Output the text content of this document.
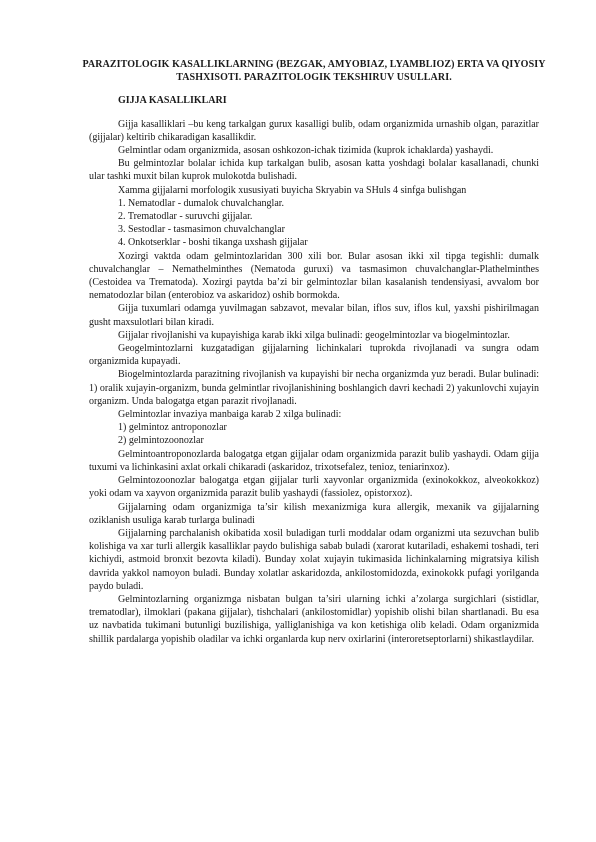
PARAZITOLOGIK KASALLIKLARNING (BEZGAK, AMYOBIAZ, LYAMBLIOZ) ERTA VA QIYOSIY TASHXISOTI. PARAZITOLOGIK TEKSHIRUV USULLARI.
GIJJA KASALLIKLARI

Gijja kasalliklari –bu keng tarkalgan gurux kasalligi bulib, odam organizmida urnashib olgan, parazitlar (gijjalar) keltirib chikaradigan kasallikdir.

Gelmintlar odam organizmida, asosan oshkozon-ichak tizimida (kuprok ichaklarda) yashaydi.

Bu gelmintozlar bolalar ichida kup tarkalgan bulib, asosan katta yoshdagi bolalar kasallanadi, chunki ular tashki muxit bilan kuprok mulokotda bulishadi.

Xamma gijjalarni morfologik xususiyati buyicha Skryabin va SHuls 4 sinfga bulishgan

1. Nematodlar - dumalok chuvalchanglar.
2. Trematodlar - suruvchi gijjalar.
3. Sestodlar - tasmasimon chuvalchanglar
4. Onkotserklar - boshi tikanga uxshash gijjalar

Xozirgi vaktda odam gelmintozlaridan 300 xili bor. Bular asosan ikki xil tipga tegishli: dumalk chuvalchanglar – Nemathelminthes (Nematoda guruxi) va tasmasimon chuvalchanglar-Plathelminthes (Cestoidea va Trematoda). Xozirgi paytda ba’zi bir gelmintozlar bilan kasalanish tendensiyasi, avvalom bor nematodozlar bilan (enterobioz va askaridoz) oshib bormokda.

Gijja tuxumlari odamga yuvilmagan sabzavot, mevalar bilan, iflos suv, iflos kul, yaxshi pishirilmagan gusht maxsulotlari bilan kiradi.

Gijjalar rivojlanishi va kupayishiga karab ikki xilga bulinadi: geogelmintozlar va biogelmintozlar.

Geogelmintozlarni kuzgatadigan gijjalarning lichinkalari tuprokda rivojlanadi va sungra odam organizmida kupayadi.

Biogelmintozlarda parazitning rivojlanish va kupayishi bir necha organizmda yuz beradi. Bular bulinadi: 1) oralik xujayin-organizm, bunda gelmintlar rivojlanishining boshlangich davri kechadi 2) yakunlovchi xujayin organizm. Unda balogatga etgan parazit rivojlanadi.

Gelmintozlar invaziya manbaiga karab 2 xilga bulinadi:

1) gelmintoz antroponozlar
2) gelmintozoonozlar

Gelmintoantroponozlarda balogatga etgan gijjalar odam organizmida parazit bulib yashaydi. Odam gijja tuxumi va lichinkasini axlat orkali chikaradi (askaridoz, trixotsefalez, tenioz, teniarinxoz).

Gelmintozoonozlar balogatga etgan gijjalar turli xayvonlar organizmida (exinokokkoz, alveokokkoz) yoki odam va xayvon organizmida parazit bulib yashaydi (fassiolez, opistorxoz).

Gijjalarning odam organizmiga ta’sir kilish mexanizmiga kura allergik, mexanik va gijjalarning oziklanish usuliga karab turlarga bulinadi

Gijjalarning parchalanish okibatida xosil buladigan turli moddalar odam organizmi uta sezuvchan bulib kolishiga va xar turli allergik kasalliklar paydo bulishiga sabab buladi (xarorat kutariladi, eshakemi toshadi, teri kichiydi, astmoid bronxit bezovta kiladi). Bunday xolat xujayin tukimasida lichinkalarning migratsiya kilish davrida yakkol namoyon buladi. Bunday xolatlar askaridozda, ankilostomidozda, exinokokk pufagi yorilganda paydo buladi.

Gelmintozlarning organizmga nisbatan bulgan ta’siri ularning ichki a’zolarga surgichlari (sistidlar, trematodlar), ilmoklari (pakana gijjalar), tishchalari (ankilostomidlar) yopishib olishi bilan shartlanadi. Bu esa uz navbatida tukimani butunligi buzilishiga, yalliglanishiga va kon ketishiga olib keladi. Odam organizmida shillik pardalarga yopishib oladilar va ichki organlarda kup nerv oxirlarini (interoretseptorlarni) shikastlaydilar.
